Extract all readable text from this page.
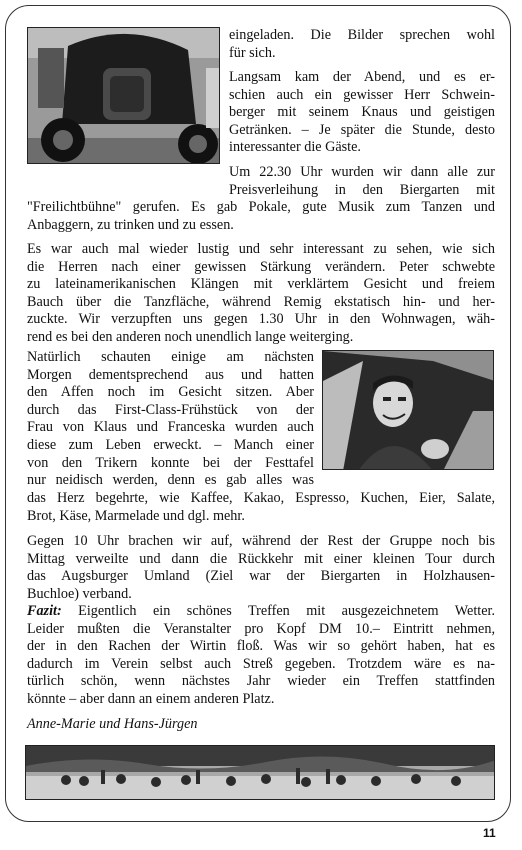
eingeladen. Die Bilder sprechen wohl
für sich.

Langsam kam der Abend, und es er-
schien auch ein gewisser Herr Schwein-
berger mit seinem Knaus und geistigen
Getränken. – Je später die Stunde, desto
interessanter die Gäste.

Um 22.30 Uhr wurden wir dann alle zur
Preisverleihung in den Biergarten mit

"Freilichtbühne" gerufen. Es gab Pokale, gute Musik zum Tanzen und
Anbaggern, zu trinken und zu essen.

Es war auch mal wieder lustig und sehr interessant zu sehen, wie sich
die Herren nach einer gewissen Stärkung verändern. Peter schwebte
zu lateinamerikanischen Klängen mit verklärtem Gesicht und freiem
Bauch über die Tanzfläche, während Remig ekstatisch hin- und her-
zuckte. Wir verzupften uns gegen 1.30 Uhr in den Wohnwagen, wäh-
rend es bei den anderen noch unendlich lange weiterging.

Natürlich schauten einige am nächsten
Morgen dementsprechend aus und hatten
den Affen noch im Gesicht sitzen. Aber
durch das First-Class-Frühstück von der
Frau von Klaus und Franceska wurden auch
diese zum Leben erweckt. – Manch einer
von den Trikern konnte bei der Festtafel
nur neidisch werden, denn es gab alles was

das Herz begehrte, wie Kaffee, Kakao, Espresso, Kuchen, Eier, Salate,
Brot, Käse, Marmelade und dgl. mehr.

Gegen 10 Uhr brachen wir auf, während der Rest der Gruppe noch bis
Mittag verweilte und dann die Rückkehr mit einer kleinen Tour durch
das Augsburger Umland (Ziel war der Biergarten in Holzhausen-
Buchloe) verband.

Fazit: Eigentlich ein schönes Treffen mit ausgezeichnetem Wetter.
Leider mußten die Veranstalter pro Kopf DM 10.– Eintritt nehmen,
der in den Rachen der Wirtin floß. Was wir so gehört haben, hat es
dadurch im Verein selbst auch Streß gegeben. Trotzdem wäre es na-
türlich schön, wenn nächstes Jahr wieder ein Treffen stattfinden
könnte – aber dann an einem anderen Platz.

Anne-Marie und Hans-Jürgen

11
